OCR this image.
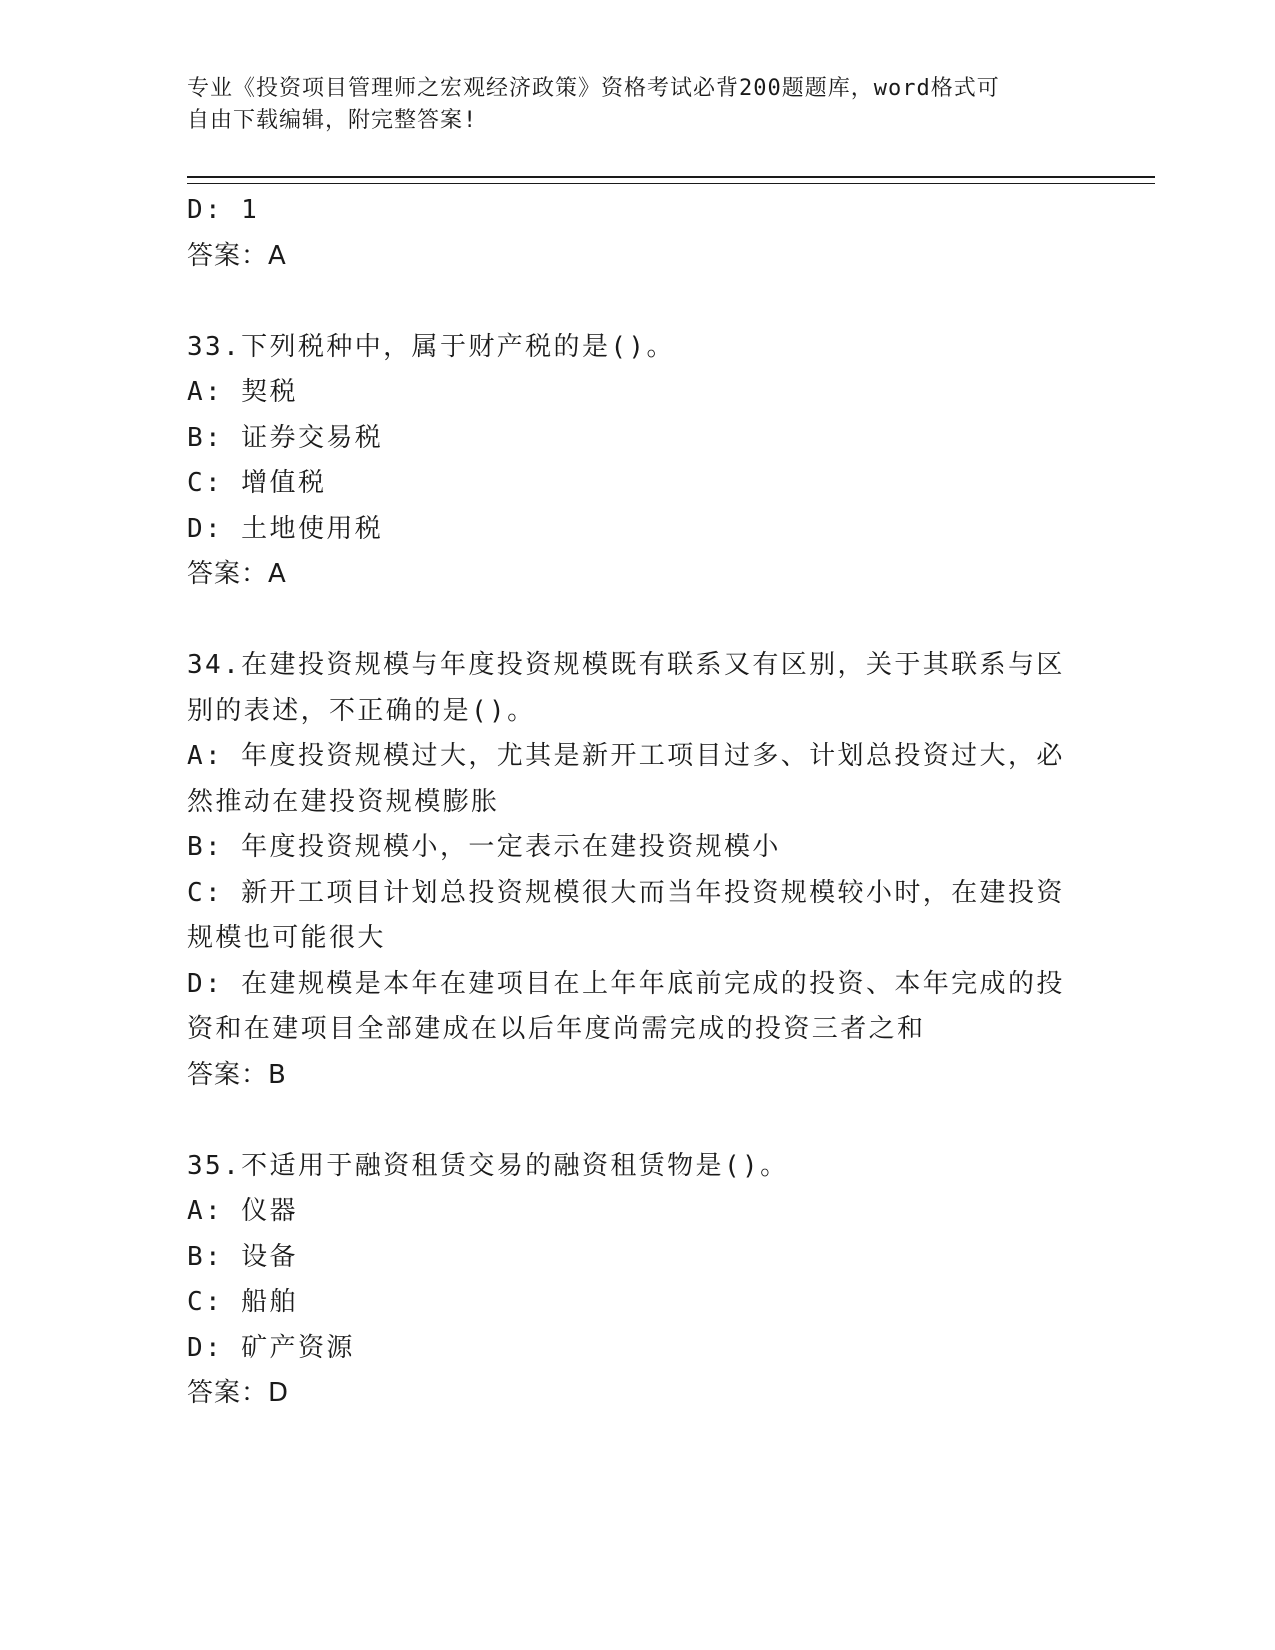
专业《投资项目管理师之宏观经济政策》资格考试必背200题题库，word格式可
自由下载编辑，附完整答案!
D: 1
答案：A
33.下列税种中，属于财产税的是()。
A: 契税
B: 证券交易税
C: 增值税
D: 土地使用税
答案：A
34.在建投资规模与年度投资规模既有联系又有区别，关于其联系与区
别的表述，不正确的是()。
A: 年度投资规模过大，尤其是新开工项目过多、计划总投资过大，必
然推动在建投资规模膨胀
B: 年度投资规模小，一定表示在建投资规模小
C: 新开工项目计划总投资规模很大而当年投资规模较小时，在建投资
规模也可能很大
D: 在建规模是本年在建项目在上年年底前完成的投资、本年完成的投
资和在建项目全部建成在以后年度尚需完成的投资三者之和
答案：B
35.不适用于融资租赁交易的融资租赁物是()。
A: 仪器
B: 设备
C: 船舶
D: 矿产资源
答案：D
